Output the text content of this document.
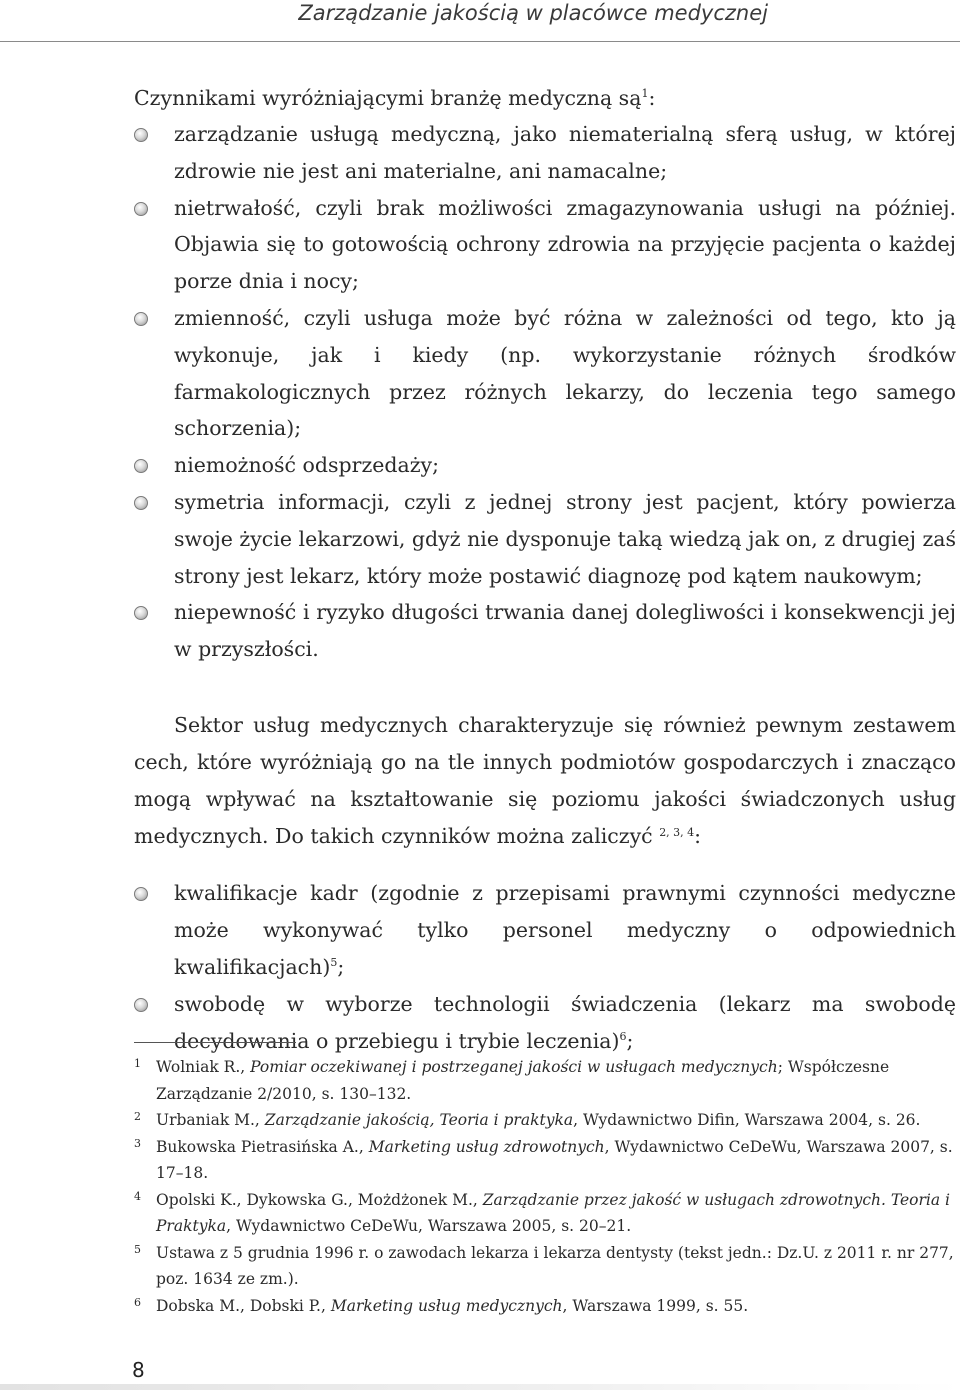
Zarządzanie jakością w placówce medycznej

Czynnikami wyróżniającymi branżę medyczną $są^1$:

zarządzanie usługą medyczną, jako niematerialną sferą usług, w której zdrowie nie jest ani materialne, ani namacalne;
nietrwałość, czyli brak możliwości zmagazynowania usługi na później. Objawia się to gotowością ochrony zdrowia na przyjęcie pacjenta o każdej porze dnia i nocy;
zmienność, czyli usługa może być różna w zależności od tego, kto ją wykonuje, jak i kiedy (np. wykorzystanie różnych środków farmakologicznych przez różnych lekarzy, do leczenia tego samego schorzenia);
niemożność odsprzedaży;
symetria informacji, czyli z jednej strony jest pacjent, który powierza swoje życie lekarzowi, gdyż nie dysponuje taką wiedzą jak on, z drugiej zaś strony jest lekarz, który może postawić diagnozę pod kątem naukowym;
niepewność i ryzyko długości trwania danej dolegliwości i konsekwencji jej w przyszłości.

Sektor usług medycznych charakteryzuje się również pewnym zestawem cech, które wyróżniają go na tle innych podmiotów gospodarczych i znacząco mogą wpływać na kształtowanie się poziomu jakości świadczonych usług medycznych. Do takich czynników można zaliczyć $^{2, 3, 4}$:

kwalifikacje kadr (zgodnie z przepisami prawnymi czynności medyczne może wykonywać tylko personel medyczny o odpowiednich kwalifikacjach)$^5$;
swobodę w wyborze technologii świadczenia (lekarz ma swobodę decydowania o przebiegu i trybie leczenia)$^6$;
1 Wolniak R., Pomiar oczekiwanej i postrzeganej jakości w usługach medycznych; Współczesne Zarządzanie 2/2010, s. 130–132.
2 Urbaniak M., Zarządzanie jakością, Teoria i praktyka, Wydawnictwo Difin, Warszawa 2004, s. 26.
3 Bukowska Pietrasińska A., Marketing usług zdrowotnych, Wydawnictwo CeDeWu, Warszawa 2007, s. 17–18.
4 Opolski K., Dykowska G., Możdżonek M., Zarządzanie przez jakość w usługach zdrowotnych. Teoria i Praktyka, Wydawnictwo CeDeWu, Warszawa 2005, s. 20–21.
5 Ustawa z 5 grudnia 1996 r. o zawodach lekarza i lekarza dentysty (tekst jedn.: Dz.U. z 2011 r. nr 277, poz. 1634 ze zm.).
6 Dobska M., Dobski P., Marketing usług medycznych, Warszawa 1999, s. 55.
8
